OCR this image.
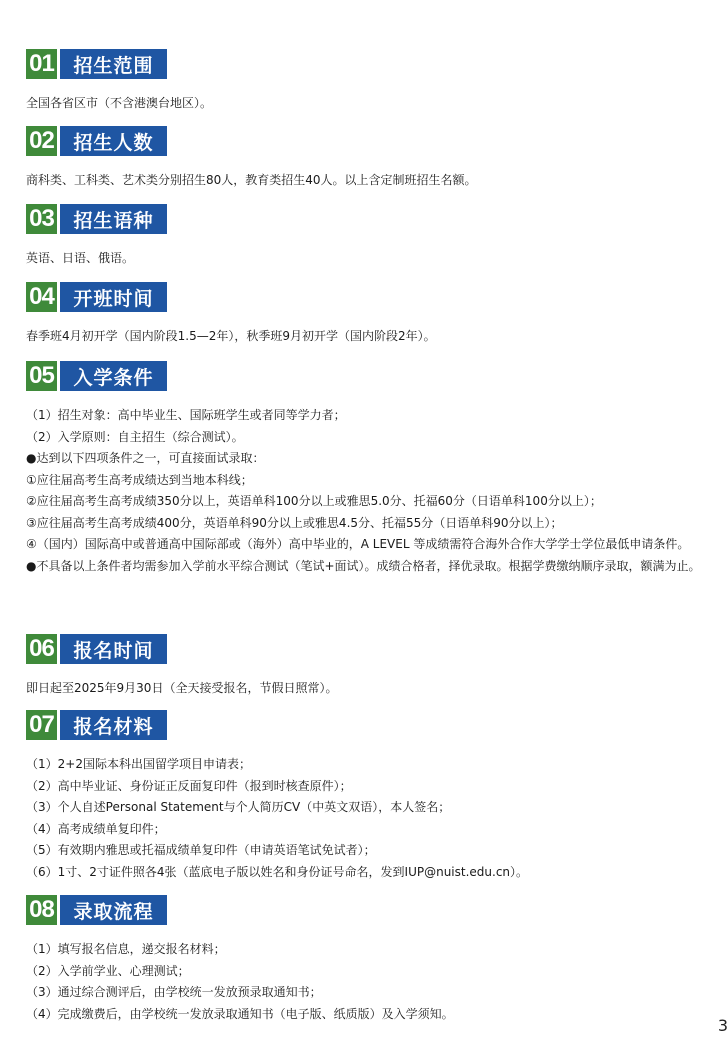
01	招生范围
全国各省区市（不含港澳台地区）。
02	招生人数
商科类、工科类、艺术类分别招生80人，教育类招生40人。以上含定制班招生名额。
03	招生语种
英语、日语、俄语。
04	开班时间
春季班4月初开学（国内阶段1.5—2年），秋季班9月初开学（国内阶段2年）。
05	入学条件
（1）招生对象：高中毕业生、国际班学生或者同等学力者；
（2）入学原则：自主招生（综合测试）。
●达到以下四项条件之一，可直接面试录取：
①应往届高考生高考成绩达到当地本科线；
②应往届高考生高考成绩350分以上，英语单科100分以上或雅思5.0分、托福60分（日语单科100分以上）；
③应往届高考生高考成绩400分，英语单科90分以上或雅思4.5分、托福55分（日语单科90分以上）；
④（国内）国际高中或普通高中国际部或（海外）高中毕业的，A LEVEL 等成绩需符合海外合作大学学士学位最低申请条件。
●不具备以上条件者均需参加入学前水平综合测试（笔试+面试）。成绩合格者，择优录取。根据学费缴纳顺序录取，额满为止。
06	报名时间
即日起至2025年9月30日（全天接受报名，节假日照常）。
07	报名材料
（1）2+2国际本科出国留学项目申请表；
（2）高中毕业证、身份证正反面复印件（报到时核查原件）；
（3）个人自述Personal Statement与个人简历CV（中英文双语），本人签名；
（4）高考成绩单复印件；
（5）有效期内雅思或托福成绩单复印件（申请英语笔试免试者）；
（6）1寸、2寸证件照各4张（蓝底电子版以姓名和身份证号命名，发到IUP@nuist.edu.cn）。
08	录取流程
（1）填写报名信息，递交报名材料；
（2）入学前学业、心理测试；
（3）通过综合测评后，由学校统一发放预录取通知书；
（4）完成缴费后，由学校统一发放录取通知书（电子版、纸质版）及入学须知。
3
